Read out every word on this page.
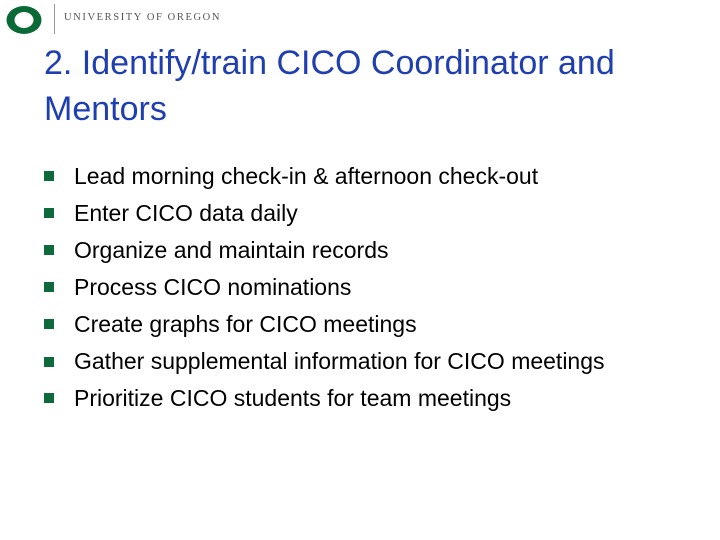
UNIVERSITY OF OREGON
2. Identify/train CICO Coordinator and Mentors
Lead morning check-in & afternoon check-out
Enter CICO data daily
Organize and maintain records
Process CICO nominations
Create graphs for CICO meetings
Gather supplemental information for CICO meetings
Prioritize CICO students for team meetings
